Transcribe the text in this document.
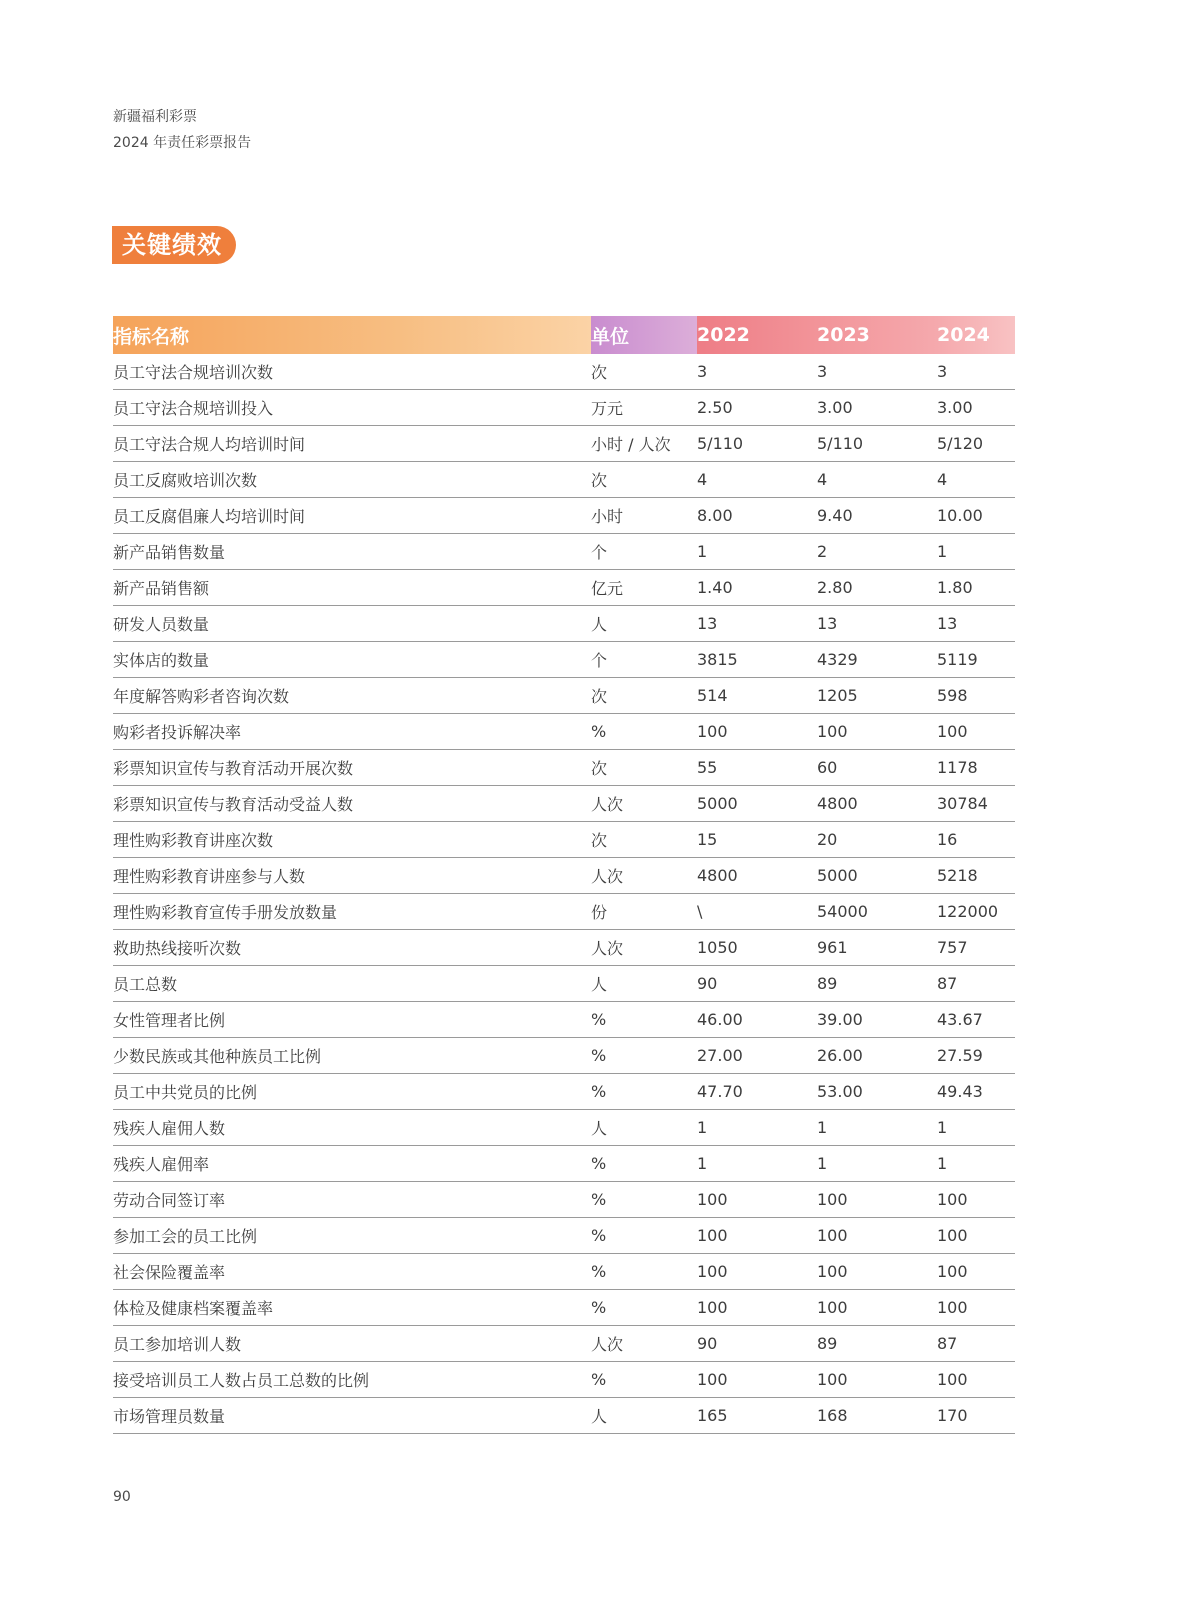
新疆福利彩票
2024 年责任彩票报告
关键绩效
指标名称	单位	2022	2023	2024
员工守法合规培训次数	次	3	3	3
员工守法合规培训投入	万元	2.50	3.00	3.00
员工守法合规人均培训时间	小时 / 人次	5/110	5/110	5/120
员工反腐败培训次数	次	4	4	4
员工反腐倡廉人均培训时间	小时	8.00	9.40	10.00
新产品销售数量	个	1	2	1
新产品销售额	亿元	1.40	2.80	1.80
研发人员数量	人	13	13	13
实体店的数量	个	3815	4329	5119
年度解答购彩者咨询次数	次	514	1205	598
购彩者投诉解决率	%	100	100	100
彩票知识宣传与教育活动开展次数	次	55	60	1178
彩票知识宣传与教育活动受益人数	人次	5000	4800	30784
理性购彩教育讲座次数	次	15	20	16
理性购彩教育讲座参与人数	人次	4800	5000	5218
理性购彩教育宣传手册发放数量	份	\	54000	122000
救助热线接听次数	人次	1050	961	757
员工总数	人	90	89	87
女性管理者比例	%	46.00	39.00	43.67
少数民族或其他种族员工比例	%	27.00	26.00	27.59
员工中共党员的比例	%	47.70	53.00	49.43
残疾人雇佣人数	人	1	1	1
残疾人雇佣率	%	1	1	1
劳动合同签订率	%	100	100	100
参加工会的员工比例	%	100	100	100
社会保险覆盖率	%	100	100	100
体检及健康档案覆盖率	%	100	100	100
员工参加培训人数	人次	90	89	87
接受培训员工人数占员工总数的比例	%	100	100	100
市场管理员数量	人	165	168	170
90
